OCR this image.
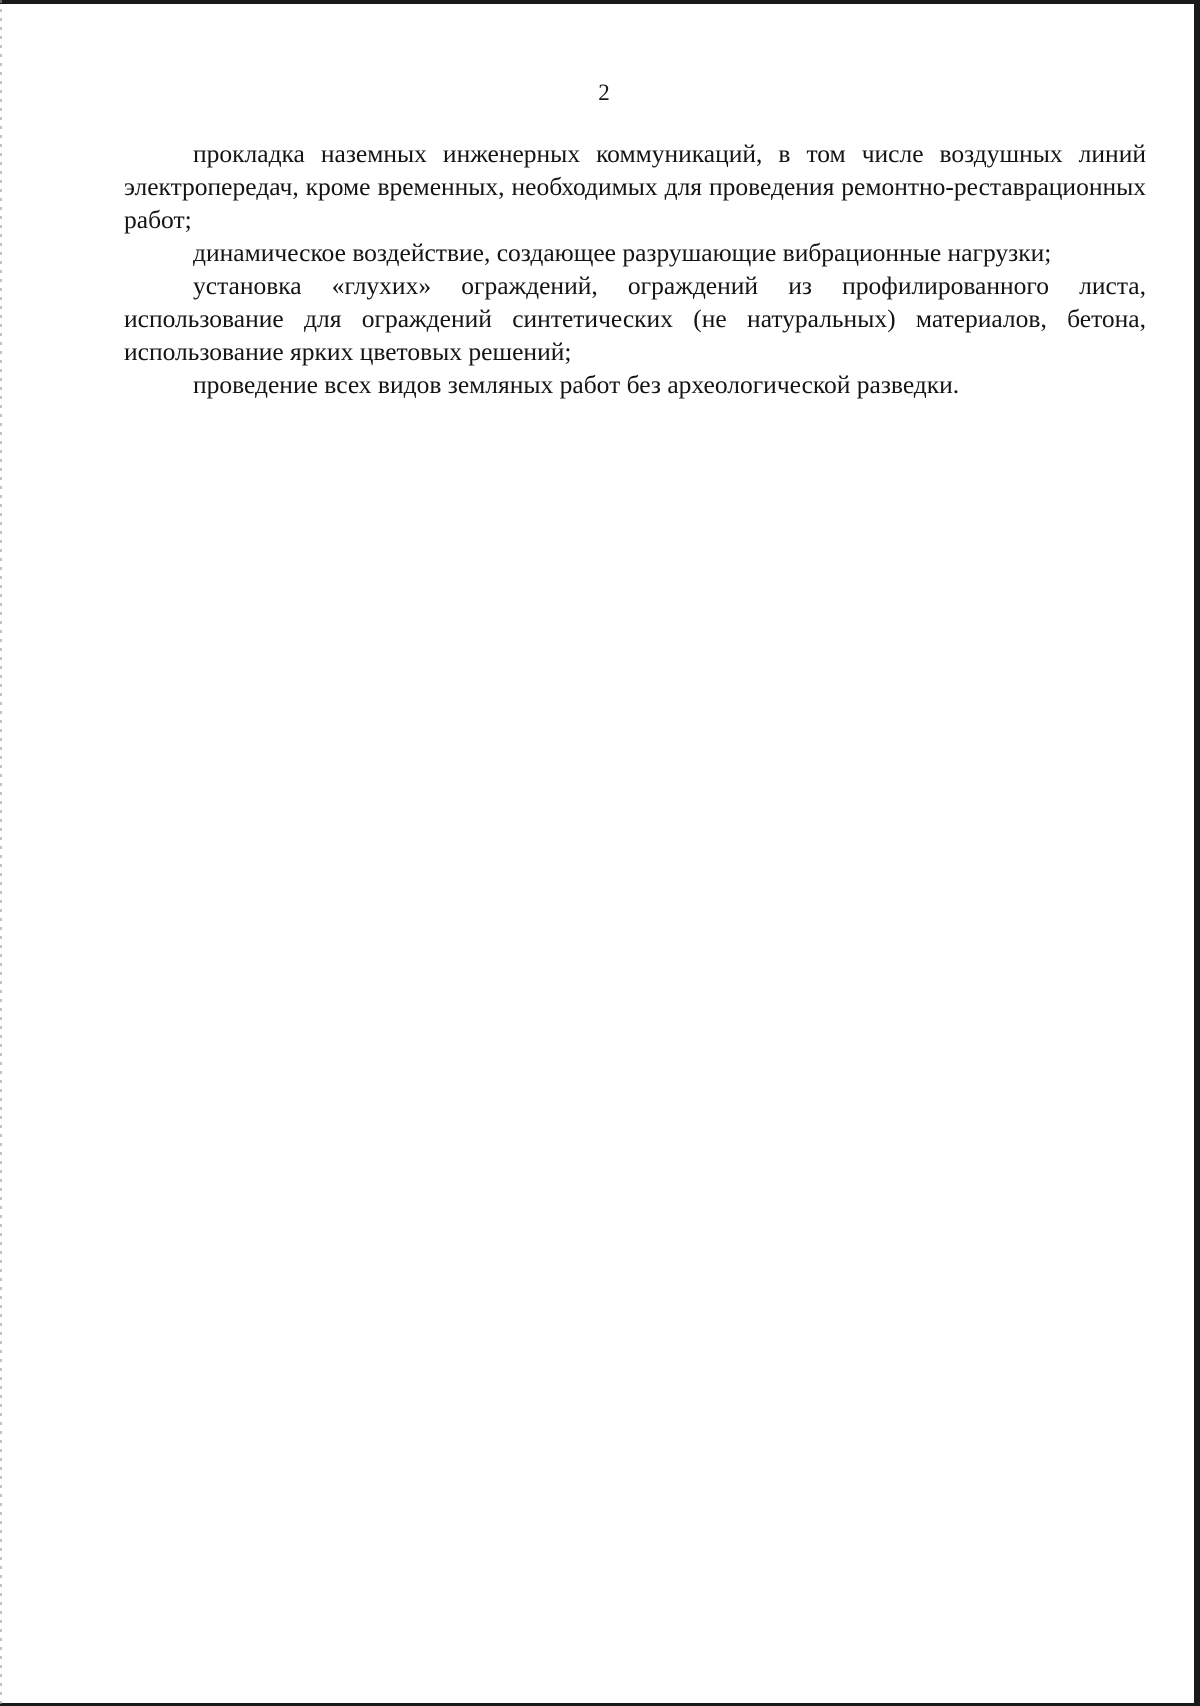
2

прокладка наземных инженерных коммуникаций, в том числе воздушных линий электропередач, кроме временных, необходимых для проведения ремонтно-реставрационных работ;

динамическое воздействие, создающее разрушающие вибрационные нагрузки;

установка «глухих» ограждений, ограждений из профилированного листа, использование для ограждений синтетических (не натуральных) материалов, бетона, использование ярких цветовых решений;

проведение всех видов земляных работ без археологической разведки.
